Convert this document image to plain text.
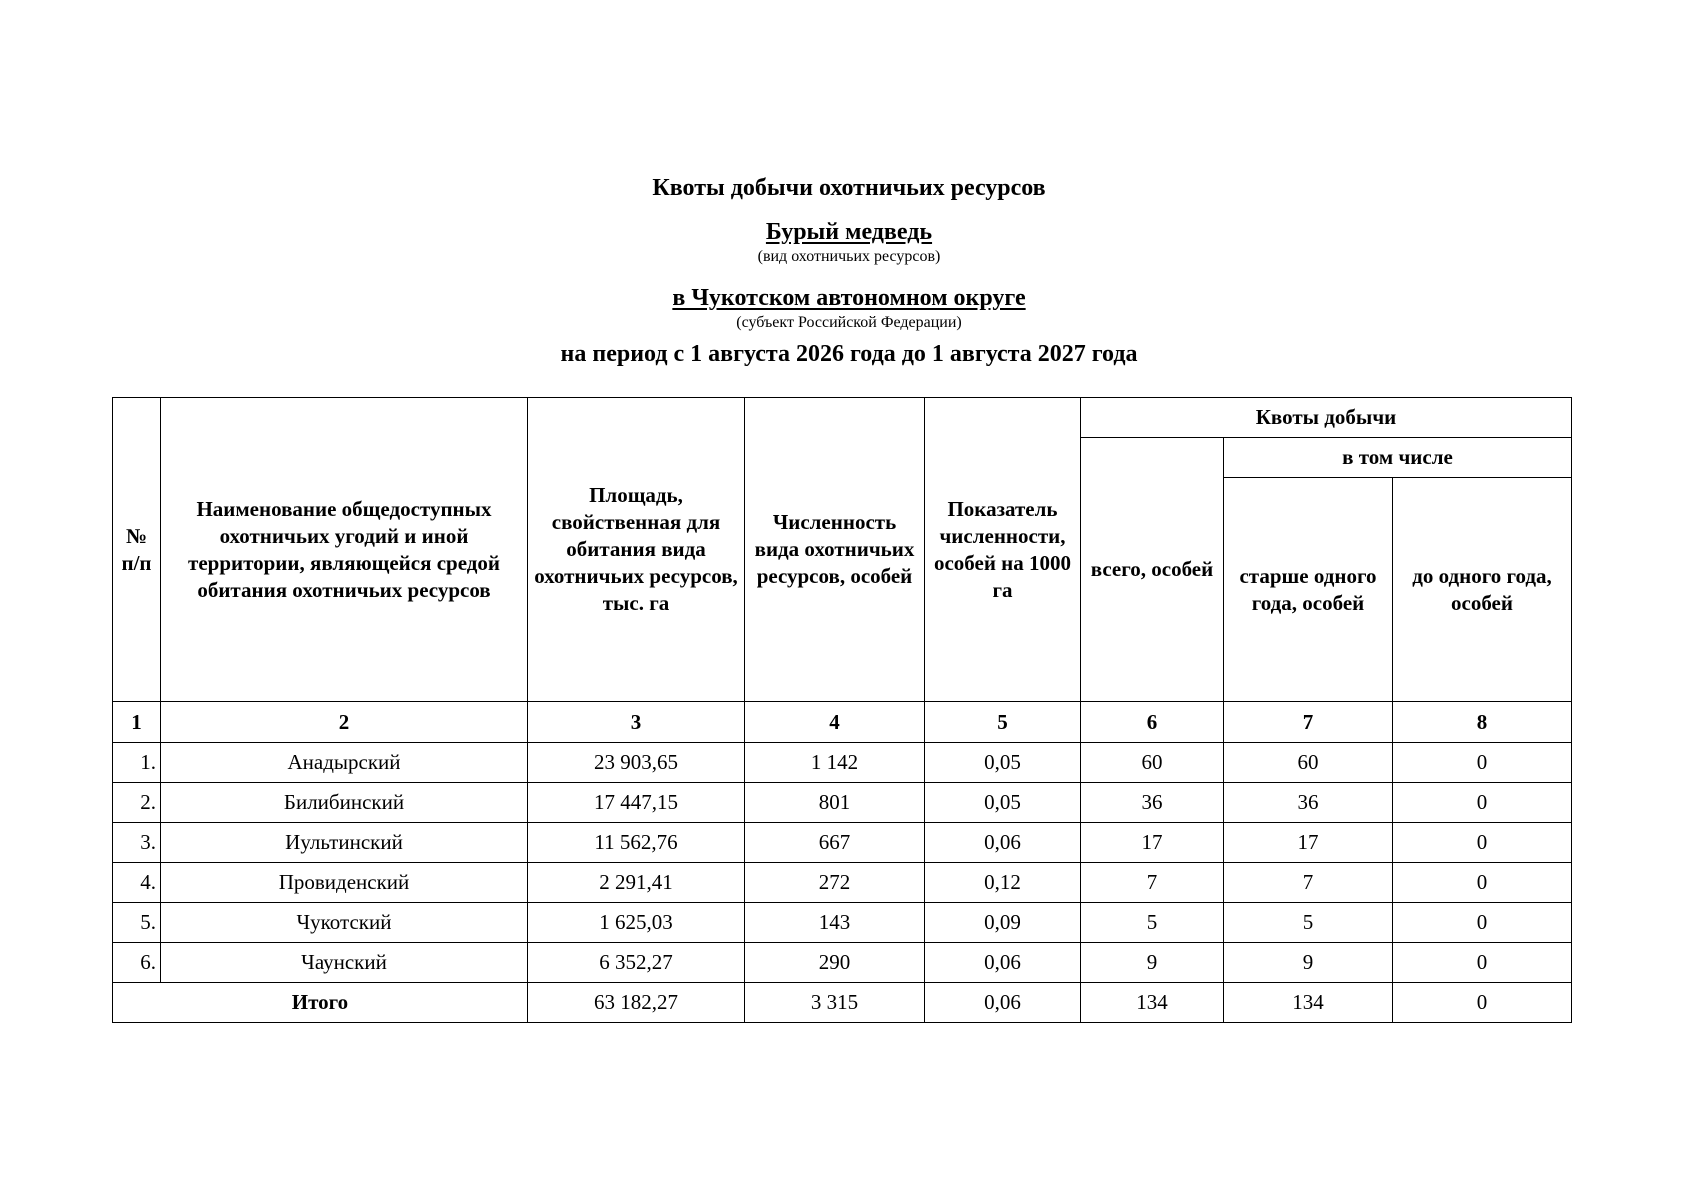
Квоты добычи охотничьих ресурсов
Бурый медведь
(вид охотничьих ресурсов)
в Чукотском автономном округе
(субъект Российской Федерации)
на период с 1 августа 2026 года до 1 августа 2027 года
№ п/п	Наименование общедоступных охотничьих угодий и иной территории, являющейся средой обитания охотничьих ресурсов	Площадь, свойственная для обитания вида охотничьих ресурсов, тыс. га	Численность вида охотничьих ресурсов, особей	Показатель численности, особей на 1000 га	Квоты добычи		
					всего, особей	в том числе	
						старше одного года, особей	до одного года, особей
1	2	3	4	5	6	7	8
1.	Анадырский	23 903,65	1 142	0,05	60	60	0
2.	Билибинский	17 447,15	801	0,05	36	36	0
3.	Иультинский	11 562,76	667	0,06	17	17	0
4.	Провиденский	2 291,41	272	0,12	7	7	0
5.	Чукотский	1 625,03	143	0,09	5	5	0
6.	Чаунский	6 352,27	290	0,06	9	9	0
Итого		63 182,27	3 315	0,06	134	134	0
